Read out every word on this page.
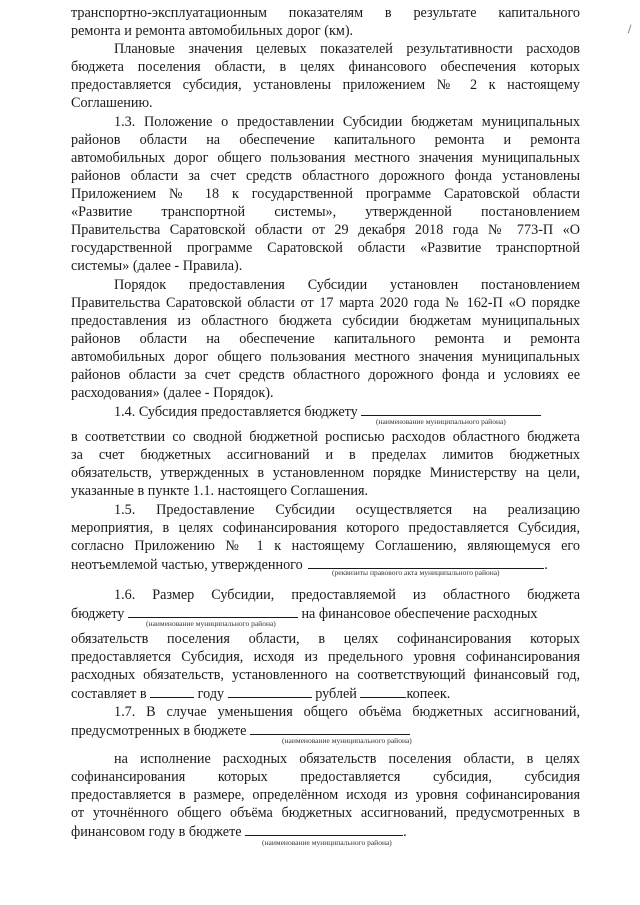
транспортно-эксплуатационным показателям в результате капитального
ремонта и ремонта автомобильных дорог (км).
Плановые значения целевых показателей результативности расходов
бюджета поселения области, в целях финансового обеспечения которых
предоставляется субсидия, установлены приложением № 2 к настоящему
Соглашению.
1.3. Положение о предоставлении Субсидии бюджетам муниципальных
районов области на обеспечение капитального ремонта и ремонта
автомобильных дорог общего пользования местного значения муниципальных
районов области за счет средств областного дорожного фонда установлены
Приложением № 18 к государственной программе Саратовской области
«Развитие транспортной системы», утвержденной постановлением
Правительства Саратовской области от 29 декабря 2018 года № 773-П «О
государственной программе Саратовской области «Развитие транспортной
системы» (далее - Правила).
Порядок предоставления Субсидии установлен постановлением
Правительства Саратовской области от 17 марта 2020 года № 162-П «О порядке
предоставления из областного бюджета субсидии бюджетам муниципальных
районов области на обеспечение капитального ремонта и ремонта
автомобильных дорог общего пользования местного значения муниципальных
районов области за счет средств областного дорожного фонда и условиях ее
расходования» (далее - Порядок).
1.4. Субсидия предоставляется бюджету
(наименование муниципального района)
в соответствии со сводной бюджетной росписью расходов областного бюджета
за счет бюджетных ассигнований и в пределах лимитов бюджетных
обязательств, утвержденных в установленном порядке Министерству на цели,
указанные в пункте 1.1. настоящего Соглашения.
1.5. Предоставление Субсидии осуществляется на реализацию
мероприятия, в целях софинансирования которого предоставляется Субсидия,
согласно Приложению № 1 к настоящему Соглашению, являющемуся его
неотъемлемой частью, утвержденного	.
(реквизиты правового акта муниципального района)
1.6. Размер Субсидии, предоставляемой из областного бюджета
бюджету	на финансовое обеспечение расходных
(наименование муниципального района)
обязательств поселения области, в целях софинансирования которых
предоставляется Субсидия, исходя из предельного уровня софинансирования
расходных обязательств, установленного на соответствующий финансовый год,
составляет в	году	рублей	копеек.
1.7. В случае уменьшения общего объёма бюджетных ассигнований,
предусмотренных в бюджете
(наименование муниципального района)
на исполнение расходных обязательств поселения области, в целях
софинансирования которых предоставляется субсидия, субсидия
предоставляется в размере, определённом исходя из уровня софинансирования
от уточнённого общего объёма бюджетных ассигнований, предусмотренных в
финансовом году в бюджете	.
(наименование муниципального района)
